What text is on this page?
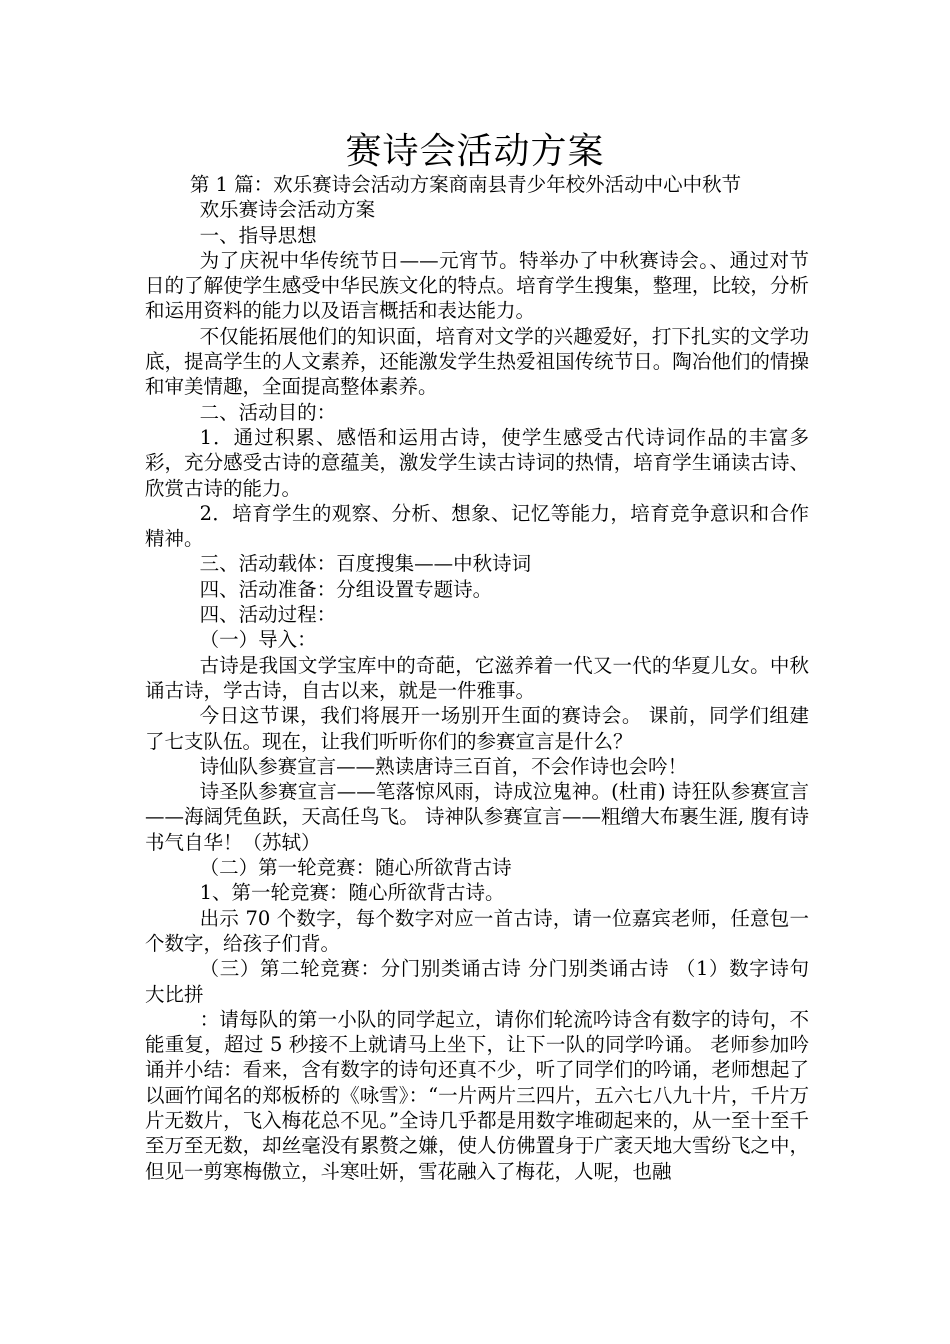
赛诗会活动方案

第 1 篇：欢乐赛诗会活动方案商南县青少年校外活动中心中秋节

欢乐赛诗会活动方案

一、指导思想

为了庆祝中华传统节日——元宵节。特举办了中秋赛诗会。、通过对节日的了解使学生感受中华民族文化的特点。培育学生搜集，整理，比较，分析和运用资料的能力以及语言概括和表达能力。

不仅能拓展他们的知识面，培育对文学的兴趣爱好，打下扎实的文学功底，提高学生的人文素养，还能激发学生热爱祖国传统节日。陶冶他们的情操和审美情趣，全面提高整体素养。

二、活动目的：

1．通过积累、感悟和运用古诗，使学生感受古代诗词作品的丰富多彩，充分感受古诗的意蕴美，激发学生读古诗词的热情，培育学生诵读古诗、欣赏古诗的能力。

2．培育学生的观察、分析、想象、记忆等能力，培育竞争意识和合作精神。

三、活动载体：百度搜集——中秋诗词

四、活动准备：分组设置专题诗。

四、活动过程：

（一）导入：

古诗是我国文学宝库中的奇葩，它滋养着一代又一代的华夏儿女。中秋诵古诗，学古诗，自古以来，就是一件雅事。

今日这节课，我们将展开一场别开生面的赛诗会。 课前，同学们组建了七支队伍。现在，让我们听听你们的参赛宣言是什么？

诗仙队参赛宣言——熟读唐诗三百首，不会作诗也会吟！

诗圣队参赛宣言——笔落惊风雨，诗成泣鬼神。(杜甫) 诗狂队参赛宣言——海阔凭鱼跃，天高任鸟飞。 诗神队参赛宣言——粗缯大布裹生涯, 腹有诗书气自华！（苏轼）

（二）第一轮竞赛：随心所欲背古诗

1、第一轮竞赛：随心所欲背古诗。

出示 70 个数字，每个数字对应一首古诗，请一位嘉宾老师，任意包一个数字，给孩子们背。

（三）第二轮竞赛：分门别类诵古诗 分门别类诵古诗 （1）数字诗句大比拼

：请每队的第一小队的同学起立，请你们轮流吟诗含有数字的诗句，不能重复，超过 5 秒接不上就请马上坐下，让下一队的同学吟诵。 老师参加吟诵并小结：看来，含有数字的诗句还真不少，听了同学们的吟诵，老师想起了以画竹闻名的郑板桥的《咏雪》：“一片两片三四片，五六七八九十片，千片万片无数片，飞入梅花总不见。”全诗几乎都是用数字堆砌起来的，从一至十至千至万至无数，却丝毫没有累赘之嫌，使人仿佛置身于广袤天地大雪纷飞之中，但见一剪寒梅傲立，斗寒吐妍，雪花融入了梅花，人呢，也融
